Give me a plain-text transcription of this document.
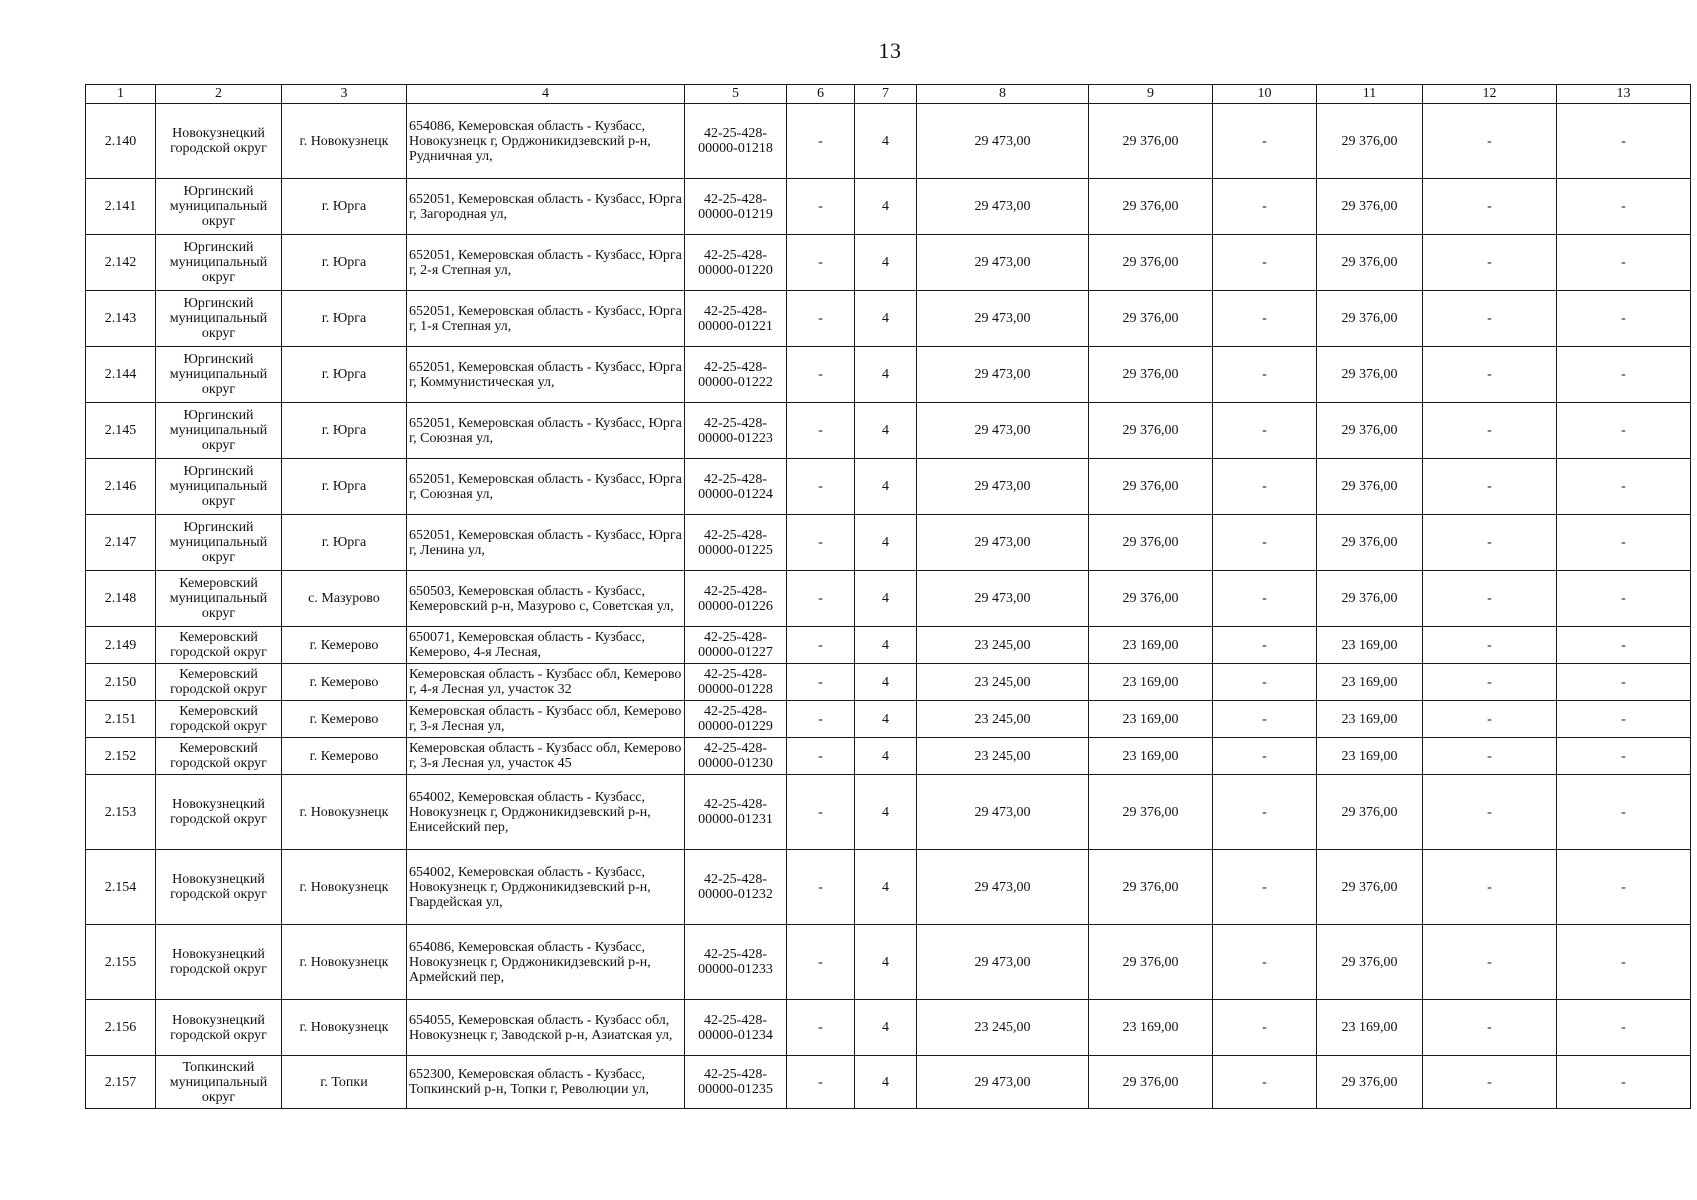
13
1	2	3	4	5	6	7	8	9	10	11	12	13
2.140	Новокузнецкий городской округ	г. Новокузнецк	654086, Кемеровская область - Кузбасс, Новокузнецк г, Орджоникидзевский р-н, Рудничная ул,	42-25-428-00000-01218	-	4	29 473,00	29 376,00	-	29 376,00	-	-
2.141	Юргинский муниципальный округ	г. Юрга	652051, Кемеровская область - Кузбасс, Юрга г, Загородная ул,	42-25-428-00000-01219	-	4	29 473,00	29 376,00	-	29 376,00	-	-
2.142	Юргинский муниципальный округ	г. Юрга	652051, Кемеровская область - Кузбасс, Юрга г, 2-я Степная ул,	42-25-428-00000-01220	-	4	29 473,00	29 376,00	-	29 376,00	-	-
2.143	Юргинский муниципальный округ	г. Юрга	652051, Кемеровская область - Кузбасс, Юрга г, 1-я Степная ул,	42-25-428-00000-01221	-	4	29 473,00	29 376,00	-	29 376,00	-	-
2.144	Юргинский муниципальный округ	г. Юрга	652051, Кемеровская область - Кузбасс, Юрга г, Коммунистическая ул,	42-25-428-00000-01222	-	4	29 473,00	29 376,00	-	29 376,00	-	-
2.145	Юргинский муниципальный округ	г. Юрга	652051, Кемеровская область - Кузбасс, Юрга г, Союзная ул,	42-25-428-00000-01223	-	4	29 473,00	29 376,00	-	29 376,00	-	-
2.146	Юргинский муниципальный округ	г. Юрга	652051, Кемеровская область - Кузбасс, Юрга г, Союзная ул,	42-25-428-00000-01224	-	4	29 473,00	29 376,00	-	29 376,00	-	-
2.147	Юргинский муниципальный округ	г. Юрга	652051, Кемеровская область - Кузбасс, Юрга г, Ленина ул,	42-25-428-00000-01225	-	4	29 473,00	29 376,00	-	29 376,00	-	-
2.148	Кемеровский муниципальный округ	с. Мазурово	650503, Кемеровская область - Кузбасс, Кемеровский р-н, Мазурово с, Советская ул,	42-25-428-00000-01226	-	4	29 473,00	29 376,00	-	29 376,00	-	-
2.149	Кемеровский городской округ	г. Кемерово	650071, Кемеровская область - Кузбасс, Кемерово, 4-я Лесная,	42-25-428-00000-01227	-	4	23 245,00	23 169,00	-	23 169,00	-	-
2.150	Кемеровский городской округ	г. Кемерово	Кемеровская область - Кузбасс обл, Кемерово г, 4-я Лесная ул, участок 32	42-25-428-00000-01228	-	4	23 245,00	23 169,00	-	23 169,00	-	-
2.151	Кемеровский городской округ	г. Кемерово	Кемеровская область - Кузбасс обл, Кемерово г, 3-я Лесная ул,	42-25-428-00000-01229	-	4	23 245,00	23 169,00	-	23 169,00	-	-
2.152	Кемеровский городской округ	г. Кемерово	Кемеровская область - Кузбасс обл, Кемерово г, 3-я Лесная ул, участок 45	42-25-428-00000-01230	-	4	23 245,00	23 169,00	-	23 169,00	-	-
2.153	Новокузнецкий городской округ	г. Новокузнецк	654002, Кемеровская область - Кузбасс, Новокузнецк г, Орджоникидзевский р-н, Енисейский пер,	42-25-428-00000-01231	-	4	29 473,00	29 376,00	-	29 376,00	-	-
2.154	Новокузнецкий городской округ	г. Новокузнецк	654002, Кемеровская область - Кузбасс, Новокузнецк г, Орджоникидзевский р-н, Гвардейская ул,	42-25-428-00000-01232	-	4	29 473,00	29 376,00	-	29 376,00	-	-
2.155	Новокузнецкий городской округ	г. Новокузнецк	654086, Кемеровская область - Кузбасс, Новокузнецк г, Орджоникидзевский р-н, Армейский пер,	42-25-428-00000-01233	-	4	29 473,00	29 376,00	-	29 376,00	-	-
2.156	Новокузнецкий городской округ	г. Новокузнецк	654055, Кемеровская область - Кузбасс обл, Новокузнецк г, Заводской р-н, Азиатская ул,	42-25-428-00000-01234	-	4	23 245,00	23 169,00	-	23 169,00	-	-
2.157	Топкинский муниципальный округ	г. Топки	652300, Кемеровская область - Кузбасс, Топкинский р-н, Топки г, Революции ул,	42-25-428-00000-01235	-	4	29 473,00	29 376,00	-	29 376,00	-	-
